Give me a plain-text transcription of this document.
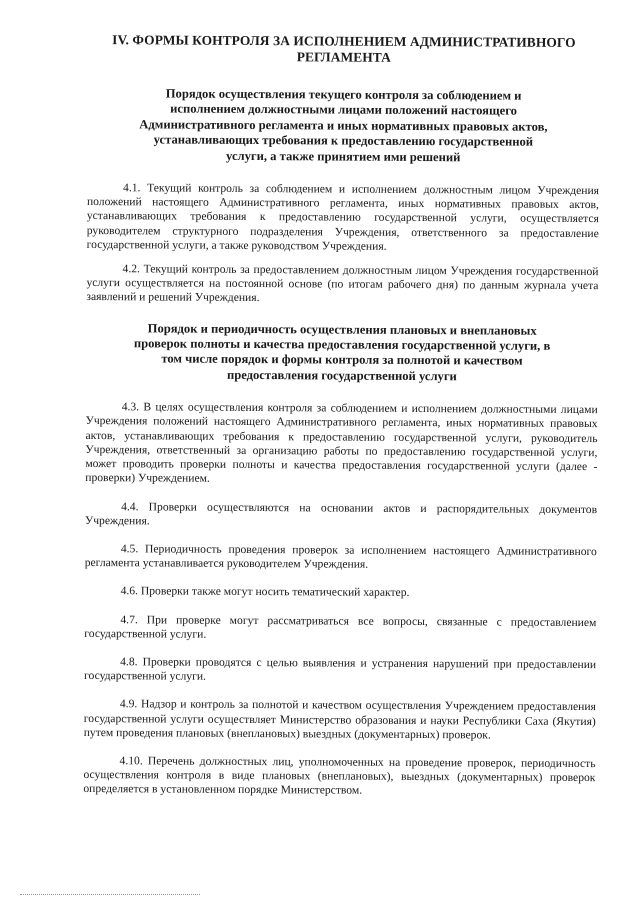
IV. ФОРМЫ КОНТРОЛЯ ЗА ИСПОЛНЕНИЕМ АДМИНИСТРАТИВНОГО РЕГЛАМЕНТА
Порядок осуществления текущего контроля за соблюдением и исполнением должностными лицами положений настоящего Административного регламента и иных нормативных правовых актов, устанавливающих требования к предоставлению государственной услуги, а также принятием ими решений

4.1. Текущий контроль за соблюдением и исполнением должностным лицом Учреждения положений настоящего Административного регламента, иных нормативных правовых актов, устанавливающих требования к предоставлению государственной услуги, осуществляется руководителем структурного подразделения Учреждения, ответственного за предоставление государственной услуги, а также руководством Учреждения.

4.2. Текущий контроль за предоставлением должностным лицом Учреждения государственной услуги осуществляется на постоянной основе (по итогам рабочего дня) по данным журнала учета заявлений и решений Учреждения.

Порядок и периодичность осуществления плановых и внеплановых проверок полноты и качества предоставления государственной услуги, в том числе порядок и формы контроля за полнотой и качеством предоставления государственной услуги

4.3. В целях осуществления контроля за соблюдением и исполнением должностными лицами Учреждения положений настоящего Административного регламента, иных нормативных правовых актов, устанавливающих требования к предоставлению государственной услуги, руководитель Учреждения, ответственный за организацию работы по предоставлению государственной услуги, может проводить проверки полноты и качества предоставления государственной услуги (далее - проверки) Учреждением.

4.4. Проверки осуществляются на основании актов и распорядительных документов Учреждения.

4.5. Периодичность проведения проверок за исполнением настоящего Административного регламента устанавливается руководителем Учреждения.

4.6. Проверки также могут носить тематический характер.

4.7. При проверке могут рассматриваться все вопросы, связанные с предоставлением государственной услуги.

4.8. Проверки проводятся с целью выявления и устранения нарушений при предоставлении государственной услуги.

4.9. Надзор и контроль за полнотой и качеством осуществления Учреждением предоставления государственной услуги осуществляет Министерство образования и науки Республики Саха (Якутия) путем проведения плановых (внеплановых) выездных (документарных) проверок.

4.10. Перечень должностных лиц, уполномоченных на проведение проверок, периодичность осуществления контроля в виде плановых (внеплановых), выездных (документарных) проверок определяется в установленном порядке Министерством.
